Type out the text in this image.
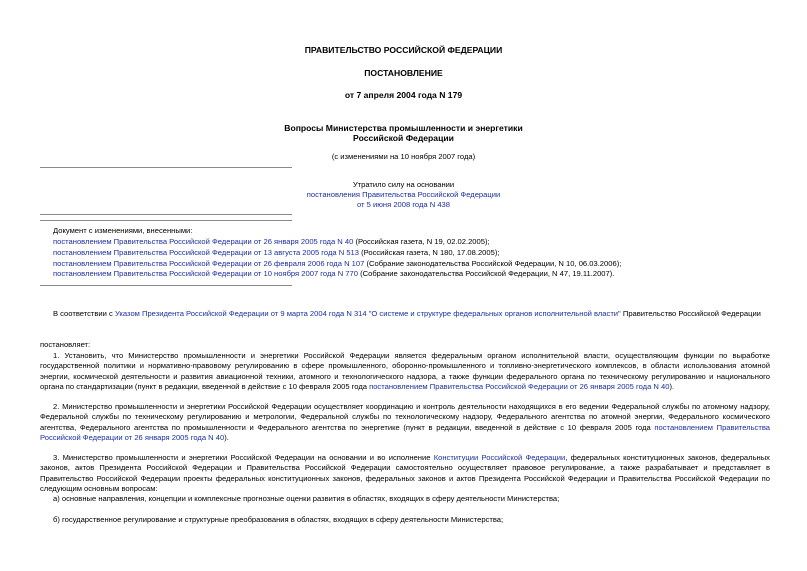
ПРАВИТЕЛЬСТВО РОССИЙСКОЙ ФЕДЕРАЦИИ
ПОСТАНОВЛЕНИЕ
от 7 апреля 2004 года N 179
Вопросы Министерства промышленности и энергетики
Российской Федерации
(с изменениями на 10 ноября 2007 года)
Утратило силу на основании
постановления Правительства Российской Федерации
от 5 июня 2008 года N 438
Документ с изменениями, внесенными:
постановлением Правительства Российской Федерации от 26 января 2005 года N 40 (Российская газета, N 19, 02.02.2005);
постановлением Правительства Российской Федерации от 13 августа 2005 года N 513 (Российская газета, N 180, 17.08.2005);
постановлением Правительства Российской Федерации от 26 февраля 2006 года N 107 (Собрание законодательства Российской Федерации, N 10, 06.03.2006);
постановлением Правительства Российской Федерации от 10 ноября 2007 года N 770 (Собрание законодательства Российской Федерации, N 47, 19.11.2007).
В соответствии с Указом Президента Российской Федерации от 9 марта 2004 года N 314 "О системе и структуре федеральных органов исполнительной власти" Правительство Российской Федерации
постановляет:
1. Установить, что Министерство промышленности и энергетики Российской Федерации является федеральным органом исполнительной власти, осуществляющим функции по выработке государственной политики и нормативно-правовому регулированию в сфере промышленного, оборонно-промышленного и топливно-энергетического комплексов, в области использования атомной энергии, космической деятельности и развития авиационной техники, атомного и технологического надзора, а также функции федерального органа по техническому регулированию и национального органа по стандартизации (пункт в редакции, введенной в действие с 10 февраля 2005 года постановлением Правительства Российской Федерации от 26 января 2005 года N 40).
2. Министерство промышленности и энергетики Российской Федерации осуществляет координацию и контроль деятельности находящихся в его ведении Федеральной службы по атомному надзору, Федеральной службы по техническому регулированию и метрологии, Федеральной службы по технологическому надзору, Федерального агентства по атомной энергии, Федерального космического агентства, Федерального агентства по промышленности и Федерального агентства по энергетике (пункт в редакции, введенной в действие с 10 февраля 2005 года постановлением Правительства Российской Федерации от 26 января 2005 года N 40).
3. Министерство промышленности и энергетики Российской Федерации на основании и во исполнение Конституции Российской Федерации, федеральных конституционных законов, федеральных законов, актов Президента Российской Федерации и Правительства Российской Федерации самостоятельно осуществляет правовое регулирование, а также разрабатывает и представляет в Правительство Российской Федерации проекты федеральных конституционных законов, федеральных законов и актов Президента Российской Федерации и Правительства Российской Федерации по следующим основным вопросам:
а) основные направления, концепции и комплексные прогнозные оценки развития в областях, входящих в сферу деятельности Министерства;
б) государственное регулирование и структурные преобразования в областях, входящих в сферу деятельности Министерства;
